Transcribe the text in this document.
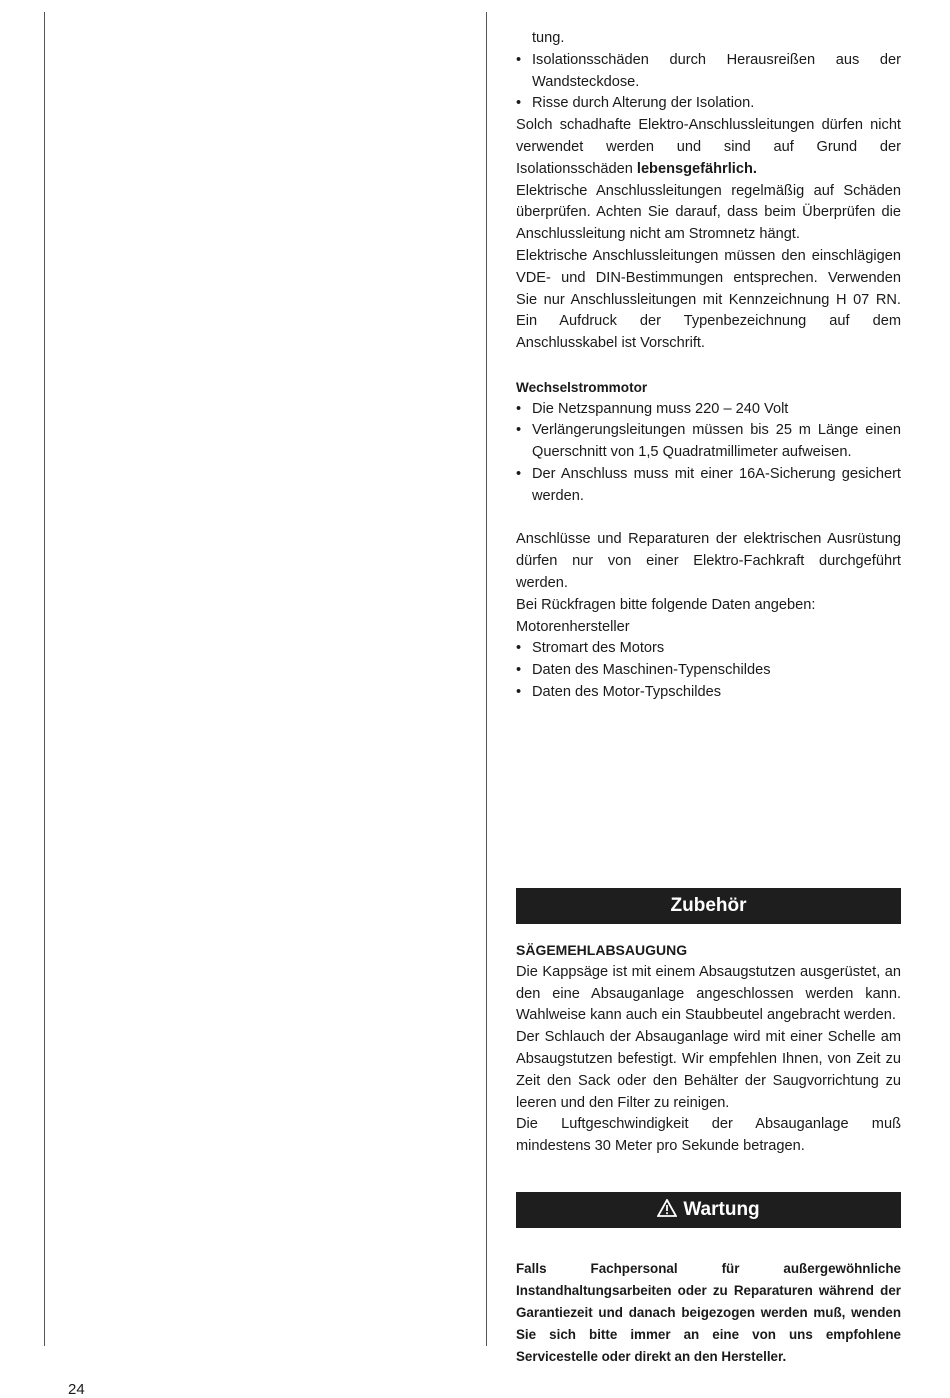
tung.
• Isolationsschäden durch Herausreißen aus der
Wandsteckdose.
• Risse durch Alterung der Isolation.

Solch schadhafte Elektro-Anschlussleitungen dürfen nicht verwendet werden und sind auf Grund der Isolationsschäden lebensgefährlich.

Elektrische Anschlussleitungen regelmäßig auf Schäden überprüfen. Achten Sie darauf, dass beim Überprüfen die Anschlussleitung nicht am Stromnetz hängt.

Elektrische Anschlussleitungen müssen den einschlägigen VDE- und DIN-Bestimmungen entsprechen. Verwenden Sie nur Anschlussleitungen mit Kennzeichnung H 07 RN. Ein Aufdruck der Typenbezeichnung auf dem Anschlusskabel ist Vorschrift.

Wechselstrommotor

• Die Netzspannung muss 220 – 240 Volt
• Verlängerungsleitungen müssen bis 25 m Länge einen Querschnitt von 1,5 Quadratmillimeter aufweisen.
• Der Anschluss muss mit einer 16A-Sicherung gesichert werden.

Anschlüsse und Reparaturen der elektrischen Ausrüstung dürfen nur von einer Elektro-Fachkraft durchgeführt werden.

Bei Rückfragen bitte folgende Daten angeben:

Motorenhersteller

• Stromart des Motors
• Daten des Maschinen-Typenschildes
• Daten des Motor-Typschildes
Zubehör

SÄGEMEHLABSAUGUNG

Die Kappsäge ist mit einem Absaugstutzen ausgerüstet, an den eine Absauganlage angeschlossen werden kann. Wahlweise kann auch ein Staubbeutel angebracht werden.

Der Schlauch der Absauganlage wird mit einer Schelle am Absaugstutzen befestigt. Wir empfehlen Ihnen, von Zeit zu Zeit den Sack oder den Behälter der Saugvorrichtung zu leeren und den Filter zu reinigen.

Die Luftgeschwindigkeit der Absauganlage muß mindestens 30 Meter pro Sekunde betragen.

Wartung

Falls Fachpersonal für außergewöhnliche Instandhaltungsarbeiten oder zu Reparaturen während der Garantiezeit und danach beigezogen werden muß, wenden Sie sich bitte immer an eine von uns empfohlene Servicestelle oder direkt an den Hersteller.

24
